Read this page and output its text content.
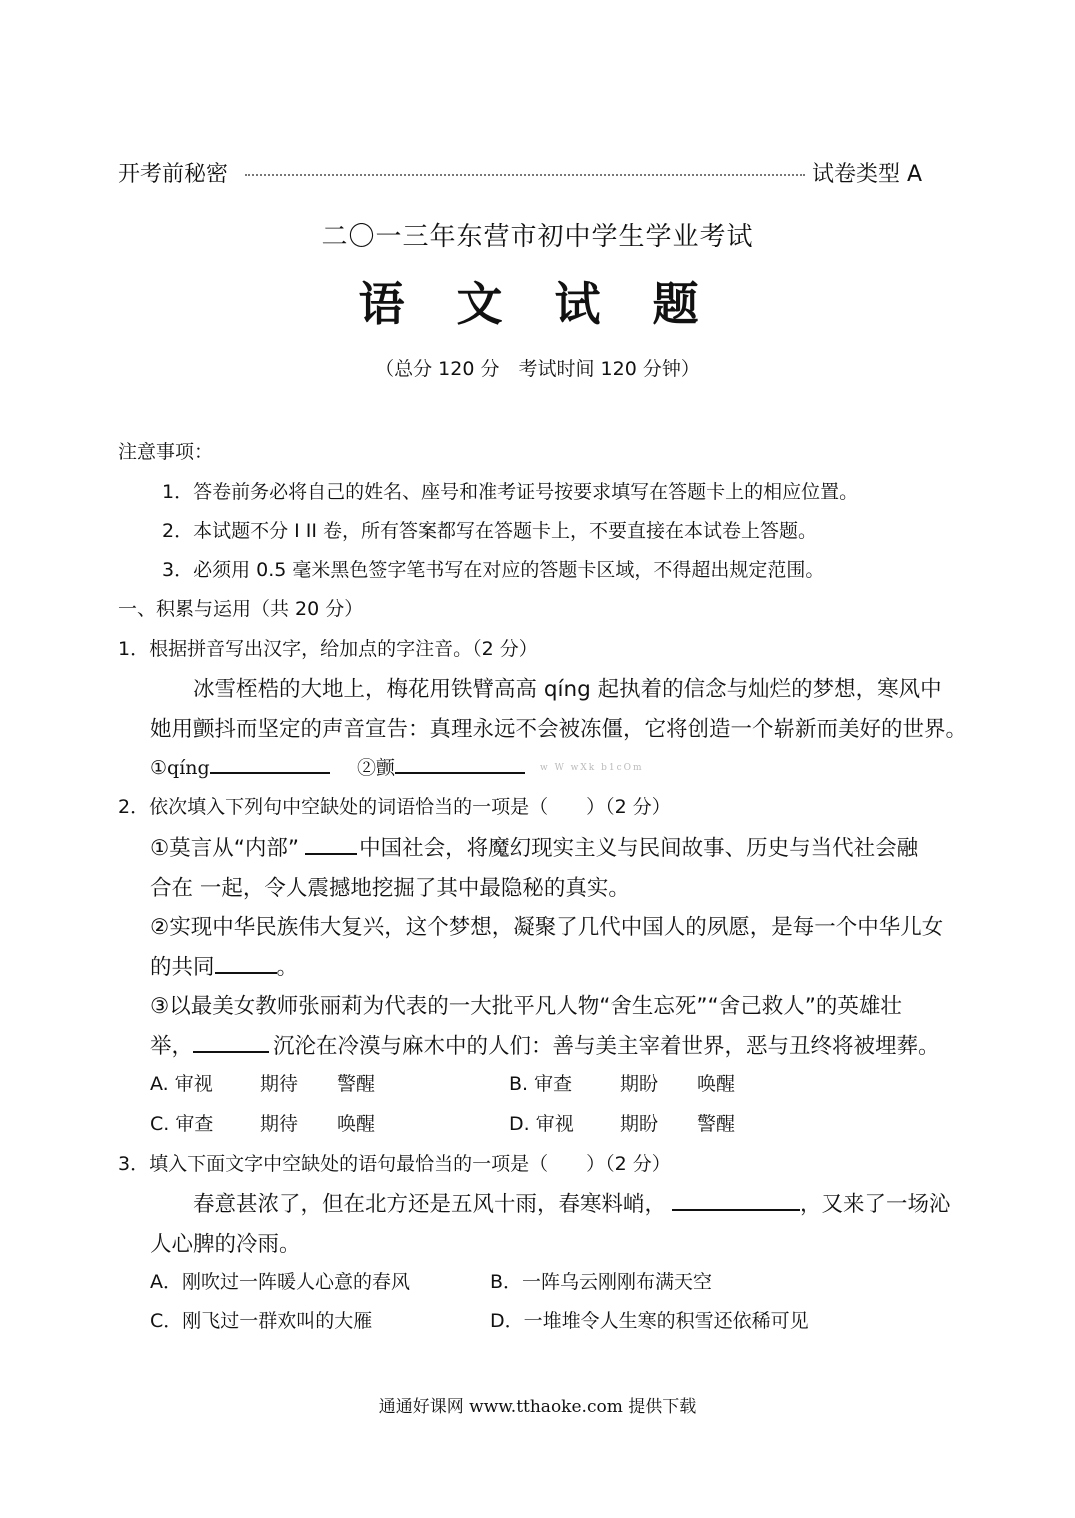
开考前秘密	试卷类型 A
二〇一三年东营市初中学生学业考试
语 文 试 题
（总分 120 分　考试时间 120 分钟）
注意事项：
1．答卷前务必将自己的姓名、座号和准考证号按要求填写在答题卡上的相应位置。
2．本试题不分 I II 卷，所有答案都写在答题卡上，不要直接在本试卷上答题。
3．必须用 0.5 毫米黑色签字笔书写在对应的答题卡区域，不得超出规定范围。
一、积累与运用（共 20 分）
1．根据拼音写出汉字，给加点的字注音。（2 分）
冰雪桎梏的大地上，梅花用铁臂高高 qíng 起执着的信念与灿烂的梦想，寒风中
她用颤抖而坚定的声音宣告：真理永远不会被冻僵，它将创造一个崭新而美好的世界。
①qíng	②颤	w W wXk b1cOm
2．依次填入下列句中空缺处的词语恰当的一项是（　　）（2 分）
①莫言从“内部”	中国社会，将魔幻现实主义与民间故事、历史与当代社会融
合在 一起，令人震撼地挖掘了其中最隐秘的真实。
②实现中华民族伟大复兴，这个梦想，凝聚了几代中国人的夙愿，是每一个中华儿女
的共同	。
③以最美女教师张丽莉为代表的一大批平凡人物“舍生忘死”“舍己救人”的英雄壮
举，	沉沦在冷漠与麻木中的人们：善与美主宰着世界，恶与丑终将被埋葬。
A. 审视 期待 警醒	B. 审查	期盼 唤醒
C. 审查 期待 唤醒	D. 审视 期盼 警醒
3．填入下面文字中空缺处的语句最恰当的一项是（　　）（2 分）
春意甚浓了，但在北方还是五风十雨，春寒料峭，	，又来了一场沁
人心脾的冷雨。
A．刚吹过一阵暖人心意的春风	B．一阵乌云刚刚布满天空
C．刚飞过一群欢叫的大雁	D．一堆堆令人生寒的积雪还依稀可见
通通好课网 www.tthaoke.com 提供下载
